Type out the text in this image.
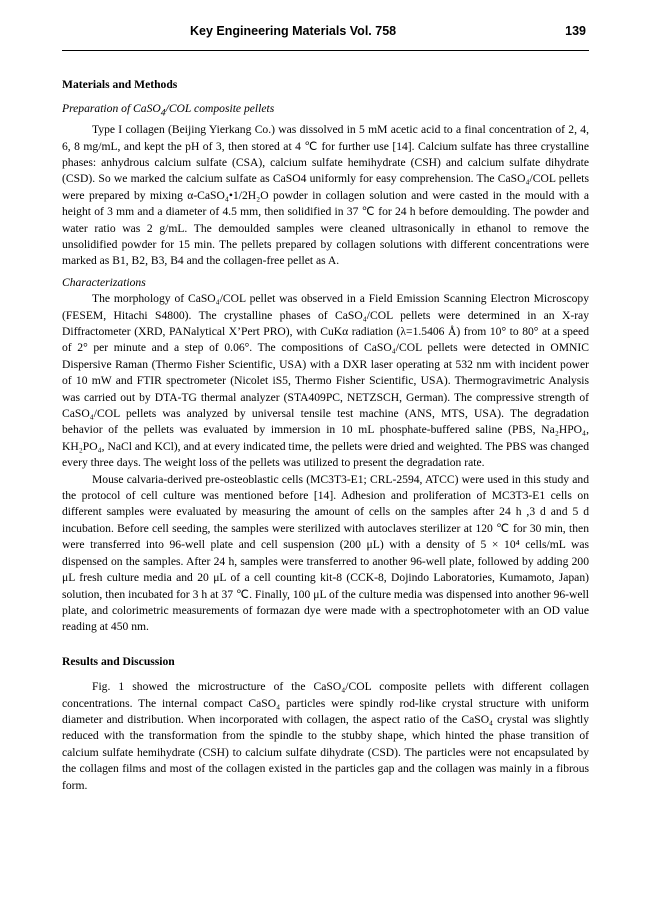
Key Engineering Materials Vol. 758	139

Materials and Methods

Preparation of CaSO$_4$/COL composite pellets

Type I collagen (Beijing Yierkang Co.) was dissolved in 5 mM acetic acid to a final concentration of 2, 4, 6, 8 mg/mL, and kept the pH of 3, then stored at 4 ℃ for further use [14]. Calcium sulfate has three crystalline phases: anhydrous calcium sulfate (CSA), calcium sulfate hemihydrate (CSH) and calcium sulfate dihydrate (CSD). So we marked the calcium sulfate as CaSO4 uniformly for easy comprehension. The CaSO₄/COL pellets were prepared by mixing α-CaSO₄•1/2H₂O powder in collagen solution and were casted in the mould with a height of 3 mm and a diameter of 4.5 mm, then solidified in 37 ℃ for 24 h before demoulding. The powder and water ratio was 2 g/mL. The demoulded samples were cleaned ultrasonically in ethanol to remove the unsolidified powder for 15 min. The pellets prepared by collagen solutions with different concentrations were marked as B1, B2, B3, B4 and the collagen-free pellet as A.

Characterizations

The morphology of CaSO₄/COL pellet was observed in a Field Emission Scanning Electron Microscopy (FESEM, Hitachi S4800). The crystalline phases of CaSO₄/COL pellets were determined in an X-ray Diffractometer (XRD, PANalytical X’Pert PRO), with CuKα radiation (λ=1.5406 Å) from 10° to 80° at a speed of 2° per minute and a step of 0.06°. The compositions of CaSO₄/COL pellets were detected in OMNIC Dispersive Raman (Thermo Fisher Scientific, USA) with a DXR laser operating at 532 nm with incident power of 10 mW and FTIR spectrometer (Nicolet iS5, Thermo Fisher Scientific, USA). Thermogravimetric Analysis was carried out by DTA-TG thermal analyzer (STA409PC, NETZSCH, German). The compressive strength of CaSO₄/COL pellets was analyzed by universal tensile test machine (ANS, MTS, USA). The degradation behavior of the pellets was evaluated by immersion in 10 mL phosphate-buffered saline (PBS, Na₂HPO₄, KH₂PO₄, NaCl and KCl), and at every indicated time, the pellets were dried and weighted. The PBS was changed every three days. The weight loss of the pellets was utilized to present the degradation rate.

Mouse calvaria-derived pre-osteoblastic cells (MC3T3-E1; CRL-2594, ATCC) were used in this study and the protocol of cell culture was mentioned before [14]. Adhesion and proliferation of MC3T3-E1 cells on different samples were evaluated by measuring the amount of cells on the samples after 24 h ,3 d and 5 d incubation. Before cell seeding, the samples were sterilized with autoclaves sterilizer at 120 ℃ for 30 min, then were transferred into 96-well plate and cell suspension (200 μL) with a density of 5 × 10⁴ cells/mL was dispensed on the samples. After 24 h, samples were transferred to another 96-well plate, followed by adding 200 μL fresh culture media and 20 μL of a cell counting kit-8 (CCK-8, Dojindo Laboratories, Kumamoto, Japan) solution, then incubated for 3 h at 37 ℃. Finally, 100 μL of the culture media was dispensed into another 96-well plate, and colorimetric measurements of formazan dye were made with a spectrophotometer with an OD value reading at 450 nm.

Results and Discussion

Fig. 1 showed the microstructure of the CaSO₄/COL composite pellets with different collagen concentrations. The internal compact CaSO₄ particles were spindly rod-like crystal structure with uniform diameter and distribution. When incorporated with collagen, the aspect ratio of the CaSO₄ crystal was slightly reduced with the transformation from the spindle to the stubby shape, which hinted the phase transition of calcium sulfate hemihydrate (CSH) to calcium sulfate dihydrate (CSD). The particles were not encapsulated by the collagen films and most of the collagen existed in the particles gap and the collagen was mainly in a fibrous form.
